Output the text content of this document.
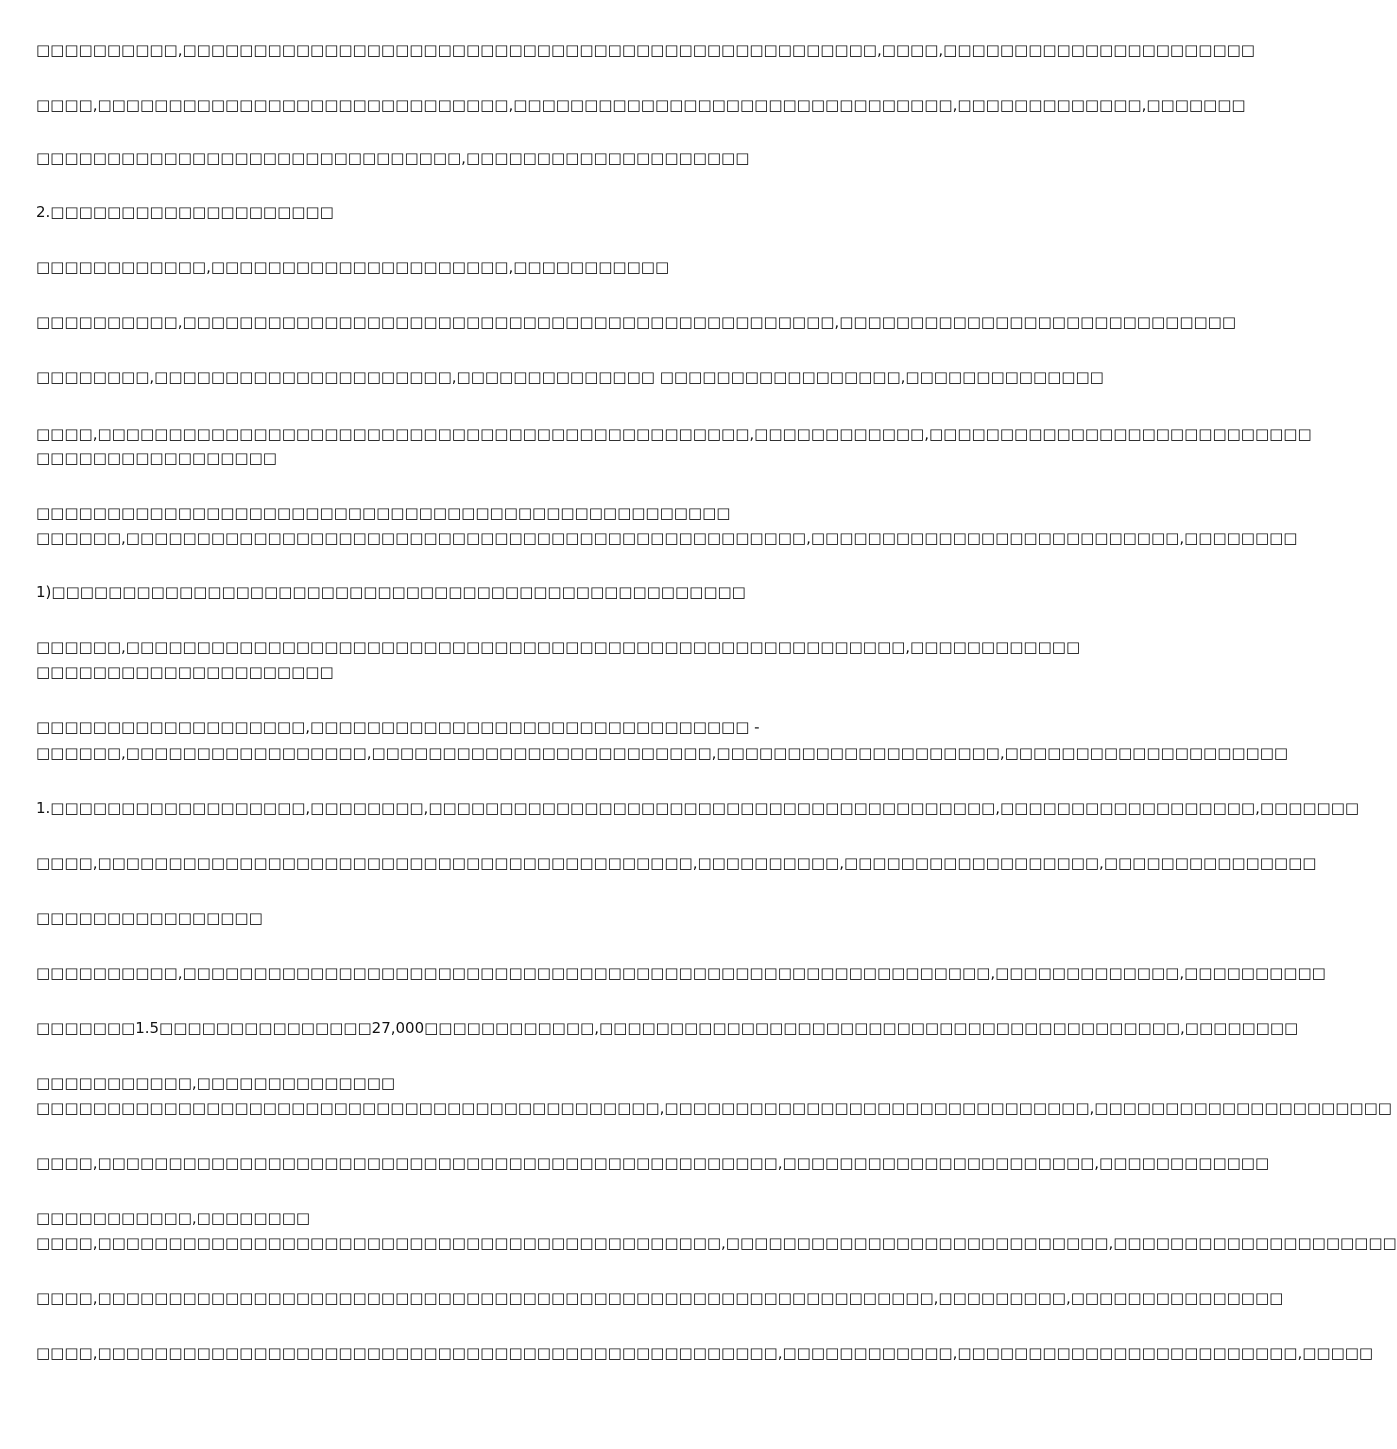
□□□□□□□□□□,□□□□□□□□□□□□□□□□□□□□□□□□□□□□□□□□□□□□□□□□□□□□□□□□□,□□□□,□□□□□□□□□□□□□□□□□□□□□□
□□□□,□□□□□□□□□□□□□□□□□□□□□□□□□□□□□,□□□□□□□□□□□□□□□□□□□□□□□□□□□□□□□,□□□□□□□□□□□□□,□□□□□□□
□□□□□□□□□□□□□□□□□□□□□□□□□□□□□□,□□□□□□□□□□□□□□□□□□□□
2.□□□□□□□□□□□□□□□□□□□□
□□□□□□□□□□□□,□□□□□□□□□□□□□□□□□□□□□,□□□□□□□□□□□
□□□□□□□□□□,□□□□□□□□□□□□□□□□□□□□□□□□□□□□□□□□□□□□□□□□□□□□□□,□□□□□□□□□□□□□□□□□□□□□□□□□□□□
□□□□□□□□,□□□□□□□□□□□□□□□□□□□□□,□□□□□□□□□□□□□□ □□□□□□□□□□□□□□□□□,□□□□□□□□□□□□□□
□□□□,□□□□□□□□□□□□□□□□□□□□□□□□□□□□□□□□□□□□□□□□□□□□□□,□□□□□□□□□□□□,□□□□□□□□□□□□□□□□□□□□□□□□□□□
□□□□□□□□□□□□□□□□□
□□□□□□□□□□□□□□□□□□□□□□□□□□□□□□□□□□□□□□□□□□□□□□□□□
□□□□□□,□□□□□□□□□□□□□□□□□□□□□□□□□□□□□□□□□□□□□□□□□□□□□□□□,□□□□□□□□□□□□□□□□□□□□□□□□□□,□□□□□□□□
1)□□□□□□□□□□□□□□□□□□□□□□□□□□□□□□□□□□□□□□□□□□□□□□□□□
□□□□□□,□□□□□□□□□□□□□□□□□□□□□□□□□□□□□□□□□□□□□□□□□□□□□□□□□□□□□□□,□□□□□□□□□□□□
□□□□□□□□□□□□□□□□□□□□□
□□□□□□□□□□□□□□□□□□□,□□□□□□□□□□□□□□□□□□□□□□□□□□□□□□□ -
□□□□□□,□□□□□□□□□□□□□□□□□,□□□□□□□□□□□□□□□□□□□□□□□□,□□□□□□□□□□□□□□□□□□□□,□□□□□□□□□□□□□□□□□□□□
1.□□□□□□□□□□□□□□□□□□,□□□□□□□□,□□□□□□□□□□□□□□□□□□□□□□□□□□□□□□□□□□□□□□□□,□□□□□□□□□□□□□□□□□□,□□□□□□□
□□□□,□□□□□□□□□□□□□□□□□□□□□□□□□□□□□□□□□□□□□□□□□□,□□□□□□□□□□,□□□□□□□□□□□□□□□□□□,□□□□□□□□□□□□□□□
□□□□□□□□□□□□□□□□
□□□□□□□□□□,□□□□□□□□□□□□□□□□□□□□□□□□□□□□□□□□□□□□□□□□□□□□□□□□□□□□□□□□□,□□□□□□□□□□□□□,□□□□□□□□□□
□□□□□□□1.5□□□□□□□□□□□□□□□27,000□□□□□□□□□□□□,□□□□□□□□□□□□□□□□□□□□□□□□□□□□□□□□□□□□□□□□□,□□□□□□□□
□□□□□□□□□□□,□□□□□□□□□□□□□□
□□□□□□□□□□□□□□□□□□□□□□□□□□□□□□□□□□□□□□□□□□□□,□□□□□□□□□□□□□□□□□□□□□□□□□□□□□□,□□□□□□□□□□□□□□□□□□□□□
□□□□,□□□□□□□□□□□□□□□□□□□□□□□□□□□□□□□□□□□□□□□□□□□□□□□□,□□□□□□□□□□□□□□□□□□□□□□,□□□□□□□□□□□□
□□□□□□□□□□□,□□□□□□□□
□□□□,□□□□□□□□□□□□□□□□□□□□□□□□□□□□□□□□□□□□□□□□□□□□,□□□□□□□□□□□□□□□□□□□□□□□□□□□,□□□□□□□□□□□□□□□□□□□□
□□□□,□□□□□□□□□□□□□□□□□□□□□□□□□□□□□□□□□□□□□□□□□□□□□□□□□□□□□□□□□□□,□□□□□□□□□,□□□□□□□□□□□□□□□
□□□□,□□□□□□□□□□□□□□□□□□□□□□□□□□□□□□□□□□□□□□□□□□□□□□□□,□□□□□□□□□□□□,□□□□□□□□□□□□□□□□□□□□□□□□,□□□□□
